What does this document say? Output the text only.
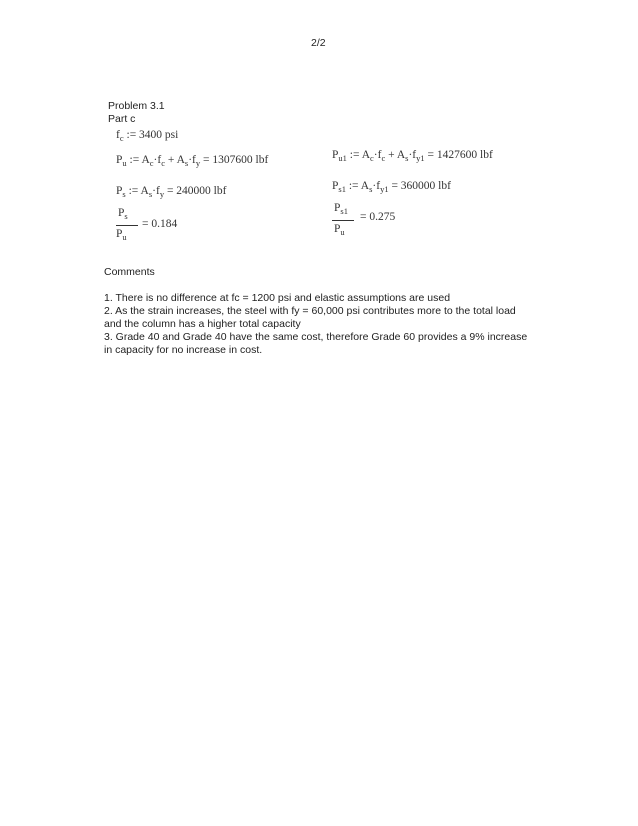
2/2
Problem 3.1
Part c
$f_c$ := 3400 psi
$P_u$ := $A_c\cdot f_c + A_s\cdot f_y = 1307600$ lbf
$P_s$ := $A_s\cdot f_y = 240000$ lbf
$P_s$
$P_u$
= 0.184
$P_{u1}$ := $A_c\cdot f_c + A_s\cdot f_{y1} = 1427600$ lbf
$P_{s1}$ := $A_s\cdot f_{y1} = 360000$ lbf
$P_{s1}$
$P_u$
= 0.275

Comments

1. There is no difference at fc = 1200 psi and elastic assumptions are used

2. As the strain increases, the steel with fy = 60,000 psi contributes more to the total load and the column has a higher total capacity

3. Grade 40 and Grade 40 have the same cost, therefore Grade 60 provides a 9% increase in capacity for no increase in cost.
